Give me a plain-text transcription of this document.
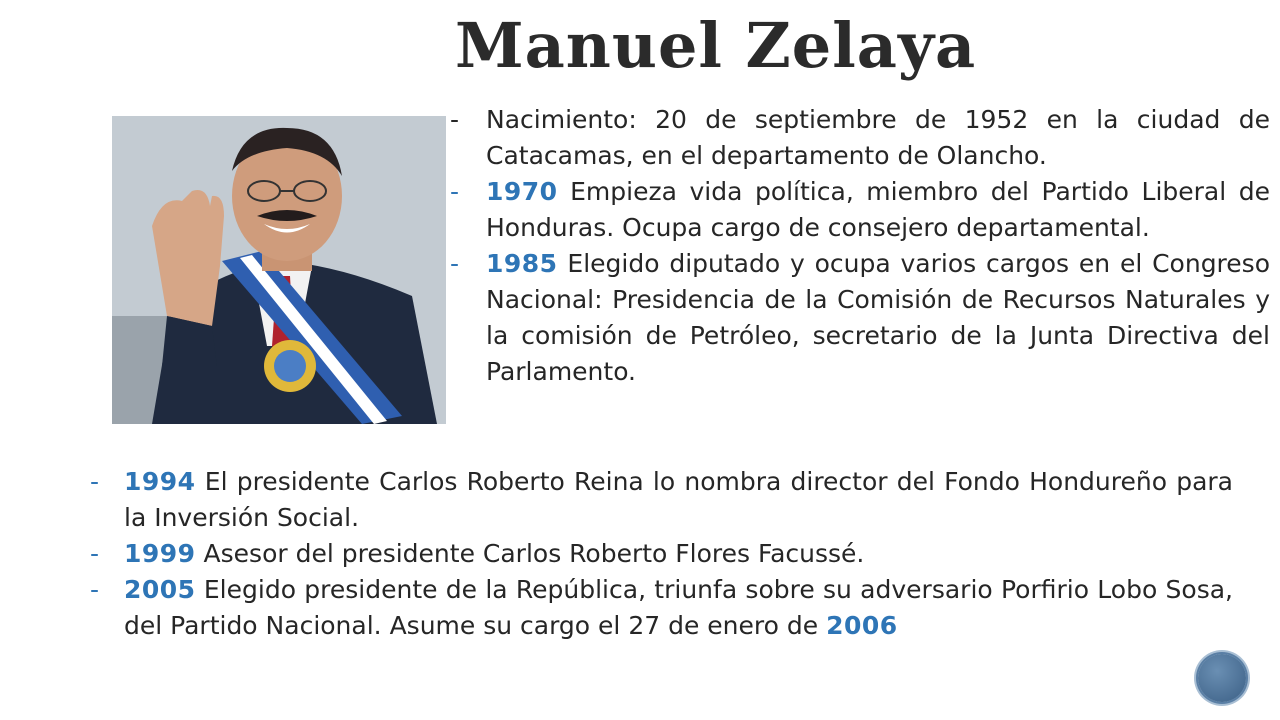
Manuel Zelaya
- Nacimiento: 20 de septiembre de 1952 en la ciudad de Catacamas, en el departamento de Olancho.
- 1970 Empieza vida política, miembro del Partido Liberal de Honduras. Ocupa cargo de consejero departamental.
- 1985 Elegido diputado y ocupa varios cargos en el Congreso Nacional: Presidencia de la Comisión de Recursos Naturales y la comisión de Petróleo, secretario de la Junta Directiva del Parlamento.
- 1994 El presidente Carlos Roberto Reina lo nombra director del Fondo Hondureño para la Inversión Social.
- 1999 Asesor del presidente Carlos Roberto Flores Facussé.
- 2005 Elegido presidente de la República, triunfa sobre su adversario Porfirio Lobo Sosa, del Partido Nacional. Asume su cargo el 27 de enero de 2006
